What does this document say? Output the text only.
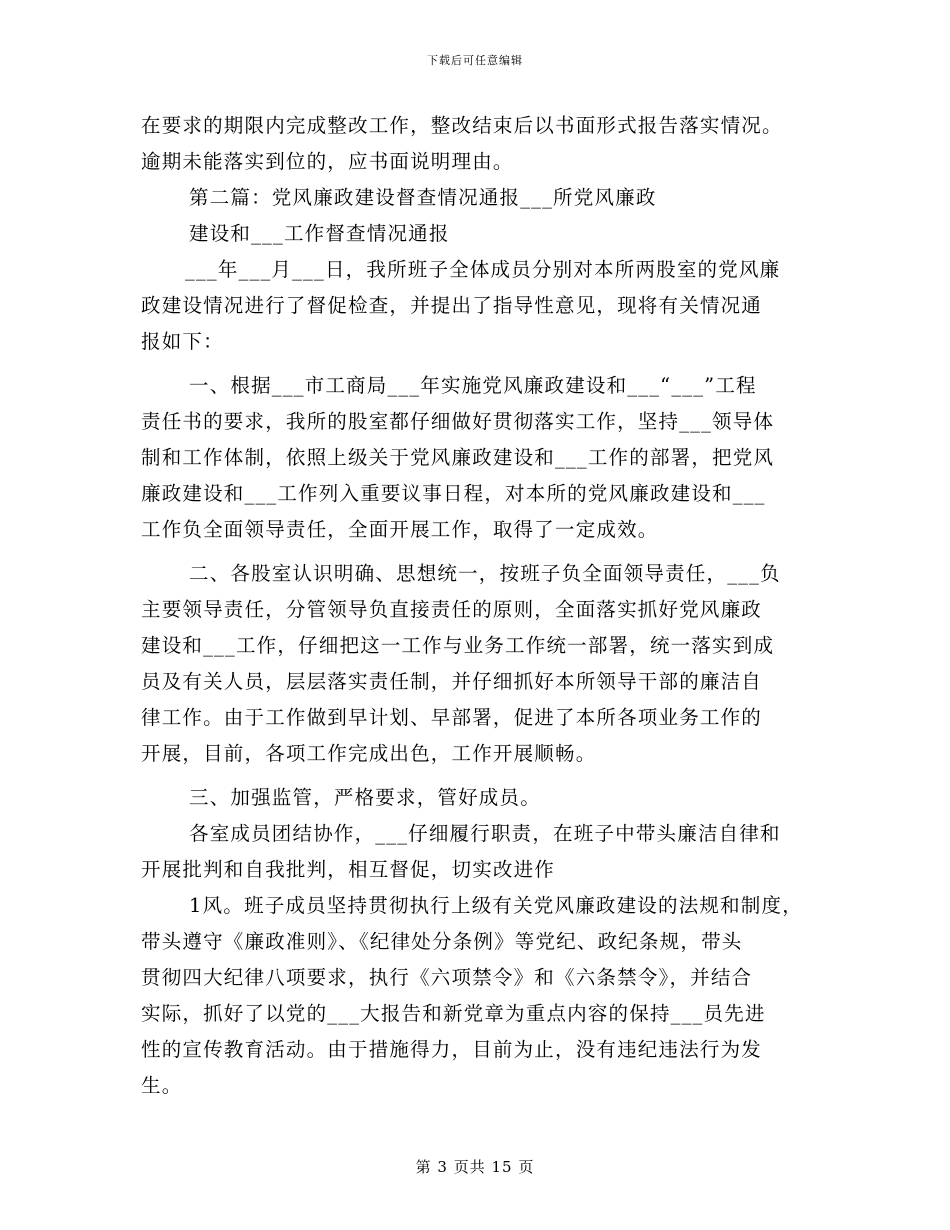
下载后可任意编辑
在要求的期限内完成整改工作，整改结束后以书面形式报告落实情况。
逾期未能落实到位的，应书面说明理由。
第二篇：党风廉政建设督查情况通报___所党风廉政
建设和___工作督查情况通报
___年___月___日，我所班子全体成员分别对本所两股室的党风廉
政建设情况进行了督促检查，并提出了指导性意见，现将有关情况通
报如下：
一、根据___市工商局___年实施党风廉政建设和___“___”工程
责任书的要求，我所的股室都仔细做好贯彻落实工作，坚持___领导体
制和工作体制，依照上级关于党风廉政建设和___工作的部署，把党风
廉政建设和___工作列入重要议事日程，对本所的党风廉政建设和___
工作负全面领导责任，全面开展工作，取得了一定成效。
二、各股室认识明确、思想统一，按班子负全面领导责任，___负
主要领导责任，分管领导负直接责任的原则，全面落实抓好党风廉政
建设和___工作，仔细把这一工作与业务工作统一部署，统一落实到成
员及有关人员，层层落实责任制，并仔细抓好本所领导干部的廉洁自
律工作。由于工作做到早计划、早部署，促进了本所各项业务工作的
开展，目前，各项工作完成出色，工作开展顺畅。
三、加强监管，严格要求，管好成员。
各室成员团结协作，___仔细履行职责，在班子中带头廉洁自律和
开展批判和自我批判，相互督促，切实改进作
1风。班子成员坚持贯彻执行上级有关党风廉政建设的法规和制度，
带头遵守《廉政准则》、《纪律处分条例》等党纪、政纪条规，带头
贯彻四大纪律八项要求，执行《六项禁令》和《六条禁令》，并结合
实际，抓好了以党的___大报告和新党章为重点内容的保持___员先进
性的宣传教育活动。由于措施得力，目前为止，没有违纪违法行为发
生。
第 3 页共 15 页
